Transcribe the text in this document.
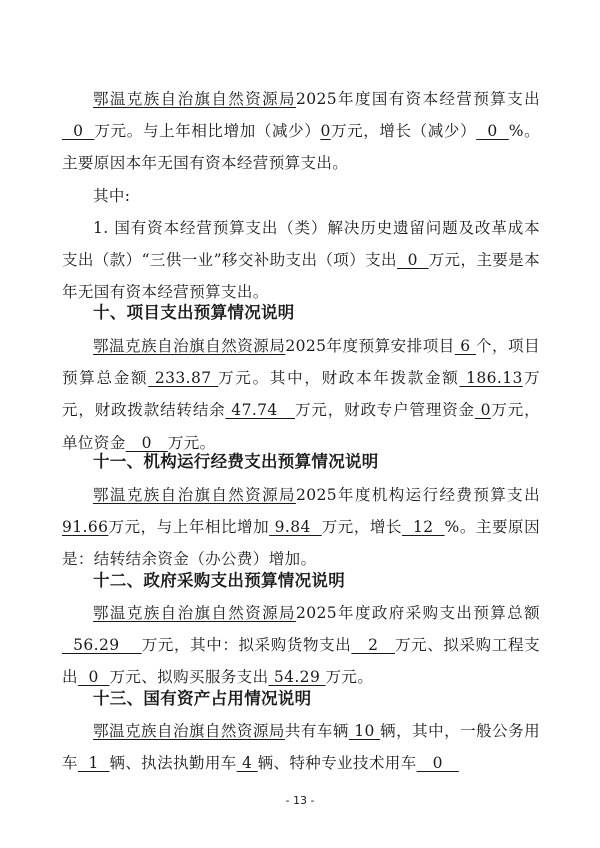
鄂温克族自治旗自然资源局2025年度国有资本经营预算支出  0  万元。与上年相比增加（减少）0万元，增长（减少）  0  %。主要原因本年无国有资本经营预算支出。

其中:

1. 国有资本经营预算支出（类）解决历史遗留问题及改革成本支出（款）“三供一业”移交补助支出（项）支出  0  万元，主要是本年无国有资本经营预算支出。

十、项目支出预算情况说明

鄂温克族自治旗自然资源局2025年度预算安排项目 6 个，项目预算总金额 233.87 万元。其中，财政本年拨款金额 186.13万元，财政拨款结转结余 47.74   万元，财政专户管理资金 0万元，单位资金   0   万元。

十一、机构运行经费支出预算情况说明

鄂温克族自治旗自然资源局2025年度机构运行经费预算支出91.66万元，与上年相比增加 9.84  万元，增长  12  %。主要原因是：结转结余资金（办公费）增加。

十二、政府采购支出预算情况说明

鄂温克族自治旗自然资源局2025年度政府采购支出预算总额  56.29    万元，其中：拟采购货物支出   2   万元、拟采购工程支出  0  万元、拟购买服务支出 54.29 万元。

十三、国有资产占用情况说明

鄂温克族自治旗自然资源局共有车辆 10 辆，其中，一般公务用车  1  辆、执法执勤用车 4 辆、特种专业技术用车   0

- 13 -
